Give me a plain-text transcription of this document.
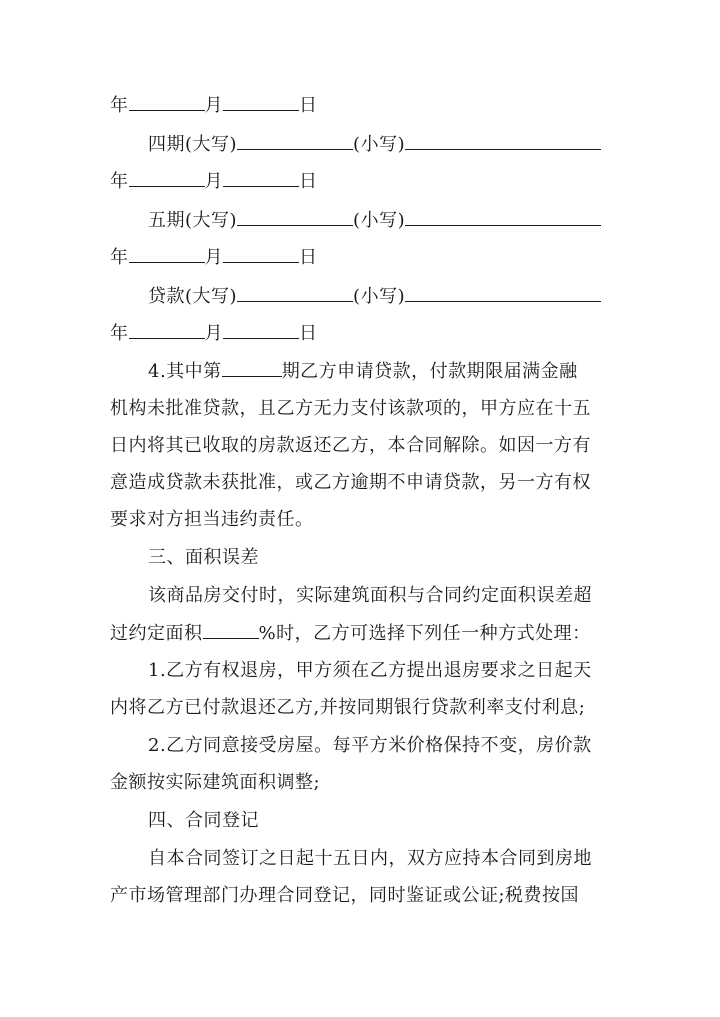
年	月	日
四期(大写)	(小写)
年	月	日
五期(大写)	(小写)
年	月	日
贷款(大写)	(小写)
年	月	日
4.其中第	期乙方申请贷款，付款期限届满金融
机构未批准贷款，且乙方无力支付该款项的，甲方应在十五
日内将其已收取的房款返还乙方，本合同解除。如因一方有
意造成贷款未获批准，或乙方逾期不申请贷款，另一方有权
要求对方担当违约责任。
三、面积误差
该商品房交付时，实际建筑面积与合同约定面积误差超
过约定面积	%时，乙方可选择下列任一种方式处理：
1.乙方有权退房，甲方须在乙方提出退房要求之日起天
内将乙方已付款退还乙方,并按同期银行贷款利率支付利息;
2.乙方同意接受房屋。每平方米价格保持不变，房价款
金额按实际建筑面积调整;
四、合同登记
自本合同签订之日起十五日内，双方应持本合同到房地
产市场管理部门办理合同登记，同时鉴证或公证;税费按国
